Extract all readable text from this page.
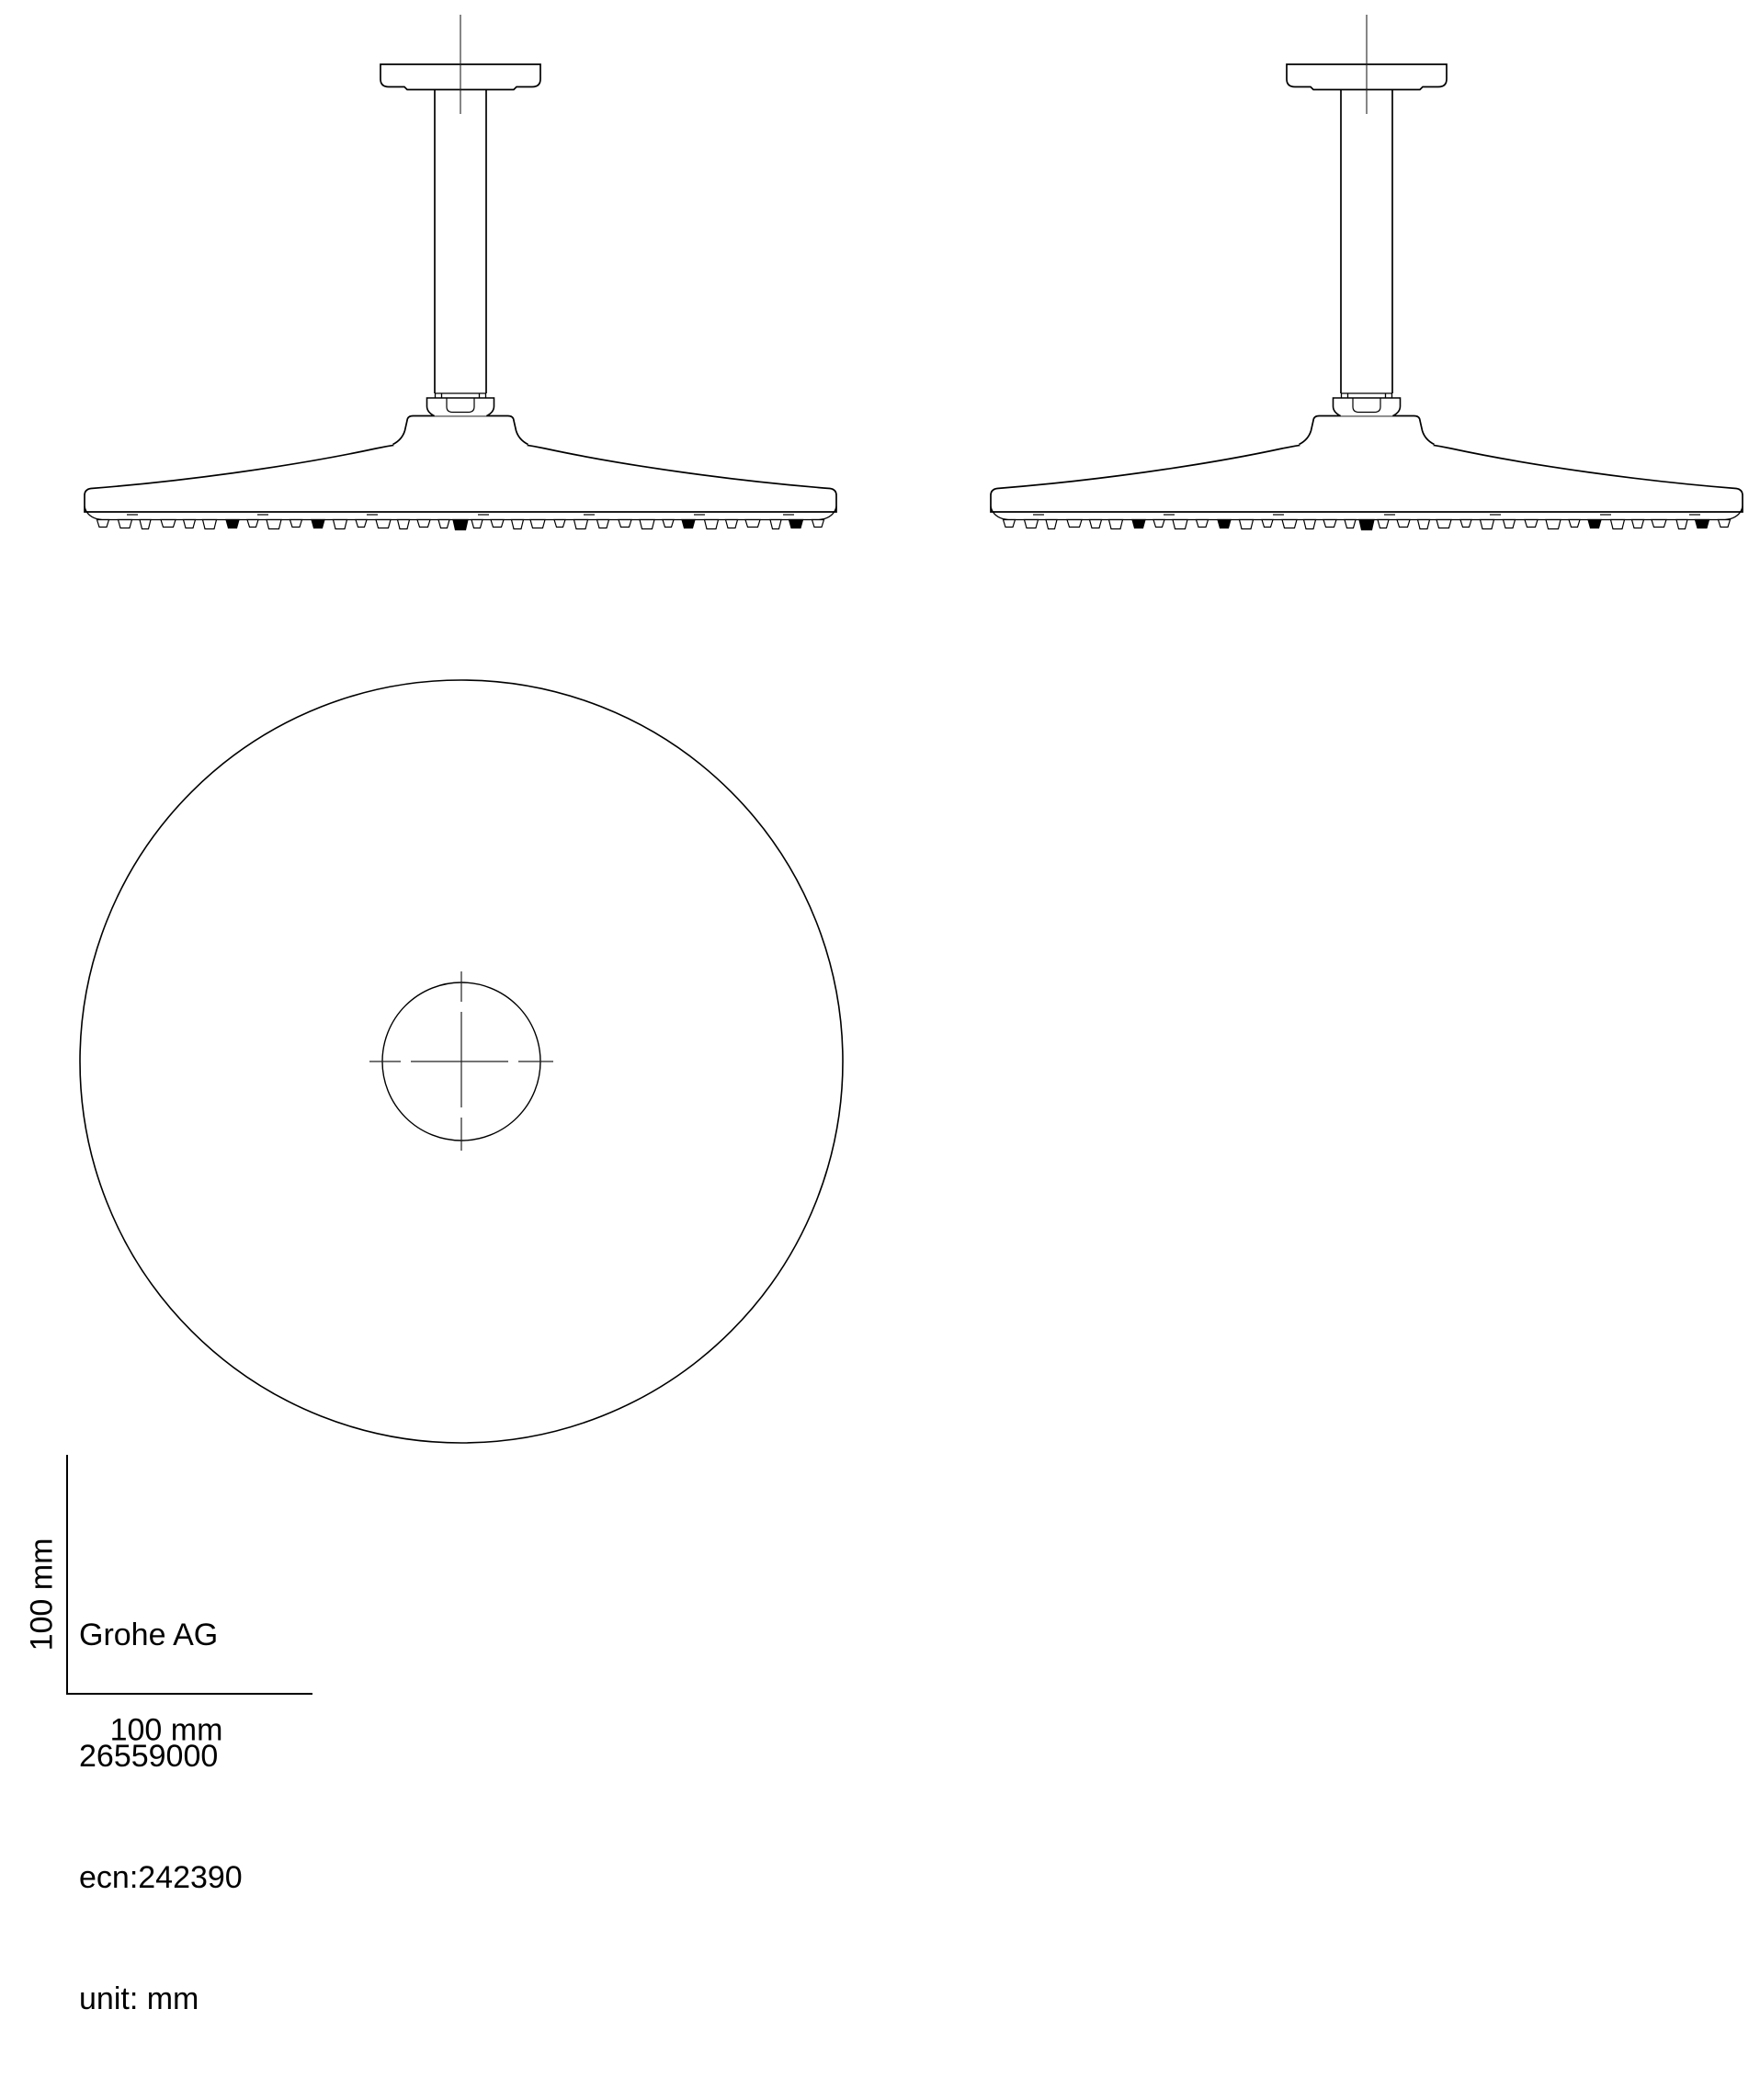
Grohe AG

26559000

ecn:242390

unit: mm

100 mm
100 mm
